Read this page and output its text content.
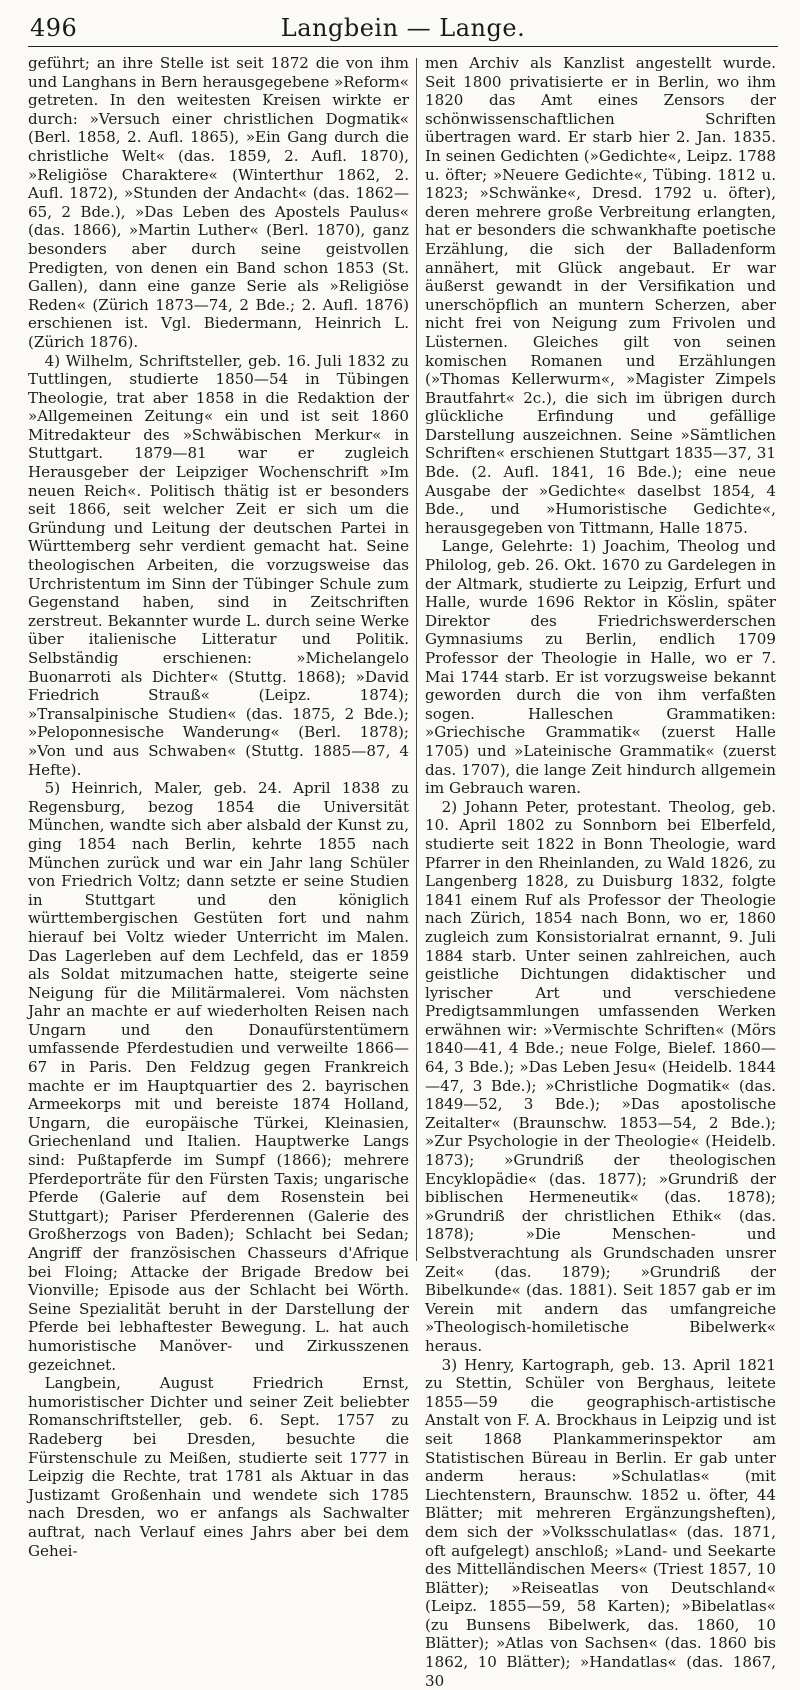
496	Langbein — Lange.

geführt; an ihre Stelle ist seit 1872 die von ihm und Langhans in Bern herausgegebene »Reform« getreten. In den weitesten Kreisen wirkte er durch: »Versuch einer christlichen Dogmatik« (Berl. 1858, 2. Aufl. 1865), »Ein Gang durch die christliche Welt« (das. 1859, 2. Aufl. 1870), »Religiöse Charaktere« (Winterthur 1862, 2. Aufl. 1872), »Stunden der Andacht« (das. 1862—65, 2 Bde.), »Das Leben des Apostels Paulus« (das. 1866), »Martin Luther« (Berl. 1870), ganz besonders aber durch seine geistvollen Predigten, von denen ein Band schon 1853 (St. Gallen), dann eine ganze Serie als »Religiöse Reden« (Zürich 1873—74, 2 Bde.; 2. Aufl. 1876) erschienen ist. Vgl. Biedermann, Heinrich L. (Zürich 1876).

4) Wilhelm, Schriftsteller, geb. 16. Juli 1832 zu Tuttlingen, studierte 1850—54 in Tübingen Theologie, trat aber 1858 in die Redaktion der »Allgemeinen Zeitung« ein und ist seit 1860 Mitredakteur des »Schwäbischen Merkur« in Stuttgart. 1879—81 war er zugleich Herausgeber der Leipziger Wochenschrift »Im neuen Reich«. Politisch thätig ist er besonders seit 1866, seit welcher Zeit er sich um die Gründung und Leitung der deutschen Partei in Württemberg sehr verdient gemacht hat. Seine theologischen Arbeiten, die vorzugsweise das Urchristentum im Sinn der Tübinger Schule zum Gegenstand haben, sind in Zeitschriften zerstreut. Bekannter wurde L. durch seine Werke über italienische Litteratur und Politik. Selbständig erschienen: »Michelangelo Buonarroti als Dichter« (Stuttg. 1868); »David Friedrich Strauß« (Leipz. 1874); »Transalpinische Studien« (das. 1875, 2 Bde.); »Peloponnesische Wanderung« (Berl. 1878); »Von und aus Schwaben« (Stuttg. 1885—87, 4 Hefte).

5) Heinrich, Maler, geb. 24. April 1838 zu Regensburg, bezog 1854 die Universität München, wandte sich aber alsbald der Kunst zu, ging 1854 nach Berlin, kehrte 1855 nach München zurück und war ein Jahr lang Schüler von Friedrich Voltz; dann setzte er seine Studien in Stuttgart und den königlich württembergischen Gestüten fort und nahm hierauf bei Voltz wieder Unterricht im Malen. Das Lagerleben auf dem Lechfeld, das er 1859 als Soldat mitzumachen hatte, steigerte seine Neigung für die Militärmalerei. Vom nächsten Jahr an machte er auf wiederholten Reisen nach Ungarn und den Donaufürstentümern umfassende Pferdestudien und verweilte 1866—67 in Paris. Den Feldzug gegen Frankreich machte er im Hauptquartier des 2. bayrischen Armeekorps mit und bereiste 1874 Holland, Ungarn, die europäische Türkei, Kleinasien, Griechenland und Italien. Hauptwerke Langs sind: Pußtapferde im Sumpf (1866); mehrere Pferdeporträte für den Fürsten Taxis; ungarische Pferde (Galerie auf dem Rosenstein bei Stuttgart); Pariser Pferderennen (Galerie des Großherzogs von Baden); Schlacht bei Sedan; Angriff der französischen Chasseurs d'Afrique bei Floing; Attacke der Brigade Bredow bei Vionville; Episode aus der Schlacht bei Wörth. Seine Spezialität beruht in der Darstellung der Pferde bei lebhaftester Bewegung. L. hat auch humoristische Manöver- und Zirkusszenen gezeichnet.

Langbein, August Friedrich Ernst, humoristischer Dichter und seiner Zeit beliebter Romanschriftsteller, geb. 6. Sept. 1757 zu Radeberg bei Dresden, besuchte die Fürstenschule zu Meißen, studierte seit 1777 in Leipzig die Rechte, trat 1781 als Aktuar in das Justizamt Großenhain und wendete sich 1785 nach Dresden, wo er anfangs als Sachwalter auftrat, nach Verlauf eines Jahrs aber bei dem Gehei-

men Archiv als Kanzlist angestellt wurde. Seit 1800 privatisierte er in Berlin, wo ihm 1820 das Amt eines Zensors der schönwissenschaftlichen Schriften übertragen ward. Er starb hier 2. Jan. 1835. In seinen Gedichten (»Gedichte«, Leipz. 1788 u. öfter; »Neuere Gedichte«, Tübing. 1812 u. 1823; »Schwänke«, Dresd. 1792 u. öfter), deren mehrere große Verbreitung erlangten, hat er besonders die schwankhafte poetische Erzählung, die sich der Balladenform annähert, mit Glück angebaut. Er war äußerst gewandt in der Versifikation und unerschöpflich an muntern Scherzen, aber nicht frei von Neigung zum Frivolen und Lüsternen. Gleiches gilt von seinen komischen Romanen und Erzählungen (»Thomas Kellerwurm«, »Magister Zimpels Brautfahrt« 2c.), die sich im übrigen durch glückliche Erfindung und gefällige Darstellung auszeichnen. Seine »Sämtlichen Schriften« erschienen Stuttgart 1835—37, 31 Bde. (2. Aufl. 1841, 16 Bde.); eine neue Ausgabe der »Gedichte« daselbst 1854, 4 Bde., und »Humoristische Gedichte«, herausgegeben von Tittmann, Halle 1875.

Lange, Gelehrte: 1) Joachim, Theolog und Philolog, geb. 26. Okt. 1670 zu Gardelegen in der Altmark, studierte zu Leipzig, Erfurt und Halle, wurde 1696 Rektor in Köslin, später Direktor des Friedrichswerderschen Gymnasiums zu Berlin, endlich 1709 Professor der Theologie in Halle, wo er 7. Mai 1744 starb. Er ist vorzugsweise bekannt geworden durch die von ihm verfaßten sogen. Halleschen Grammatiken: »Griechische Grammatik« (zuerst Halle 1705) und »Lateinische Grammatik« (zuerst das. 1707), die lange Zeit hindurch allgemein im Gebrauch waren.

2) Johann Peter, protestant. Theolog, geb. 10. April 1802 zu Sonnborn bei Elberfeld, studierte seit 1822 in Bonn Theologie, ward Pfarrer in den Rheinlanden, zu Wald 1826, zu Langenberg 1828, zu Duisburg 1832, folgte 1841 einem Ruf als Professor der Theologie nach Zürich, 1854 nach Bonn, wo er, 1860 zugleich zum Konsistorialrat ernannt, 9. Juli 1884 starb. Unter seinen zahlreichen, auch geistliche Dichtungen didaktischer und lyrischer Art und verschiedene Predigtsammlungen umfassenden Werken erwähnen wir: »Vermischte Schriften« (Mörs 1840—41, 4 Bde.; neue Folge, Bielef. 1860—64, 3 Bde.); »Das Leben Jesu« (Heidelb. 1844—47, 3 Bde.); »Christliche Dogmatik« (das. 1849—52, 3 Bde.); »Das apostolische Zeitalter« (Braunschw. 1853—54, 2 Bde.); »Zur Psychologie in der Theologie« (Heidelb. 1873); »Grundriß der theologischen Encyklopädie« (das. 1877); »Grundriß der biblischen Hermeneutik« (das. 1878); »Grundriß der christlichen Ethik« (das. 1878); »Die Menschen- und Selbstverachtung als Grundschaden unsrer Zeit« (das. 1879); »Grundriß der Bibelkunde« (das. 1881). Seit 1857 gab er im Verein mit andern das umfangreiche »Theologisch-homiletische Bibelwerk« heraus.

3) Henry, Kartograph, geb. 13. April 1821 zu Stettin, Schüler von Berghaus, leitete 1855—59 die geographisch-artistische Anstalt von F. A. Brockhaus in Leipzig und ist seit 1868 Plankammerinspektor am Statistischen Büreau in Berlin. Er gab unter anderm heraus: »Schulatlas« (mit Liechtenstern, Braunschw. 1852 u. öfter, 44 Blätter; mit mehreren Ergänzungsheften), dem sich der »Volksschulatlas« (das. 1871, oft aufgelegt) anschloß; »Land- und Seekarte des Mittelländischen Meers« (Triest 1857, 10 Blätter); »Reiseatlas von Deutschland« (Leipz. 1855—59, 58 Karten); »Bibelatlas« (zu Bunsens Bibelwerk, das. 1860, 10 Blätter); »Atlas von Sachsen« (das. 1860 bis 1862, 10 Blätter); »Handatlas« (das. 1867, 30
